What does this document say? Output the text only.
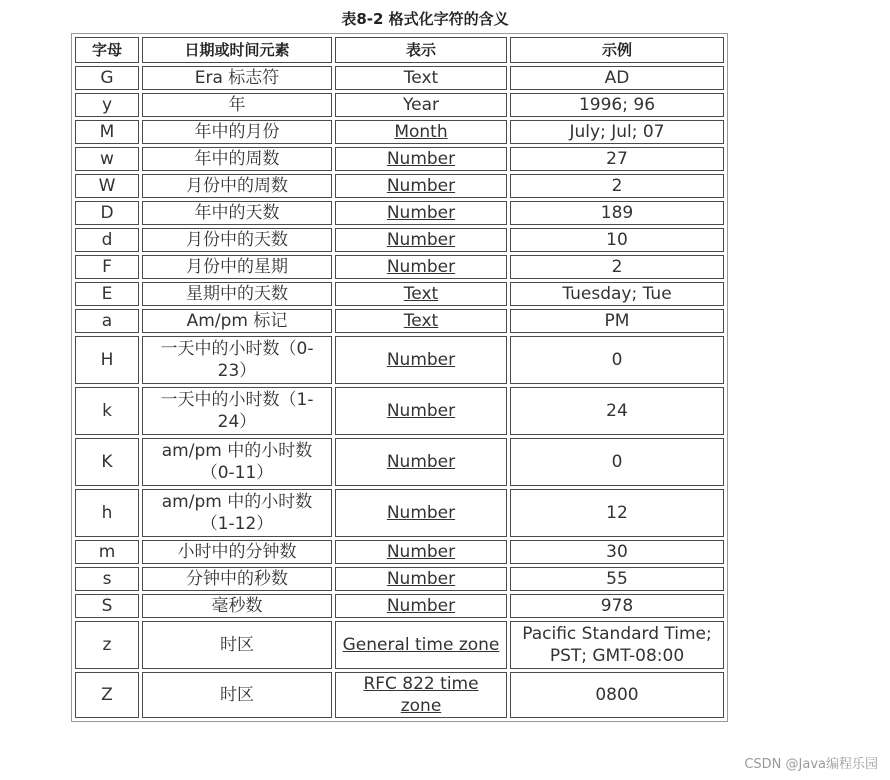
表8-2 格式化字符的含义
字母	日期或时间元素	表示	示例
G	Era 标志符	Text	AD
y	年	Year	1996; 96
M	年中的月份	Month	July; Jul; 07
w	年中的周数	Number	27
W	月份中的周数	Number	2
D	年中的天数	Number	189
d	月份中的天数	Number	10
F	月份中的星期	Number	2
E	星期中的天数	Text	Tuesday; Tue
a	Am/pm 标记	Text	PM
H	一天中的小时数（0-23）	Number	0
k	一天中的小时数（1-24）	Number	24
K	am/pm 中的小时数（0-11）	Number	0
h	am/pm 中的小时数（1-12）	Number	12
m	小时中的分钟数	Number	30
s	分钟中的秒数	Number	55
S	毫秒数	Number	978
z	时区	General time zone	Pacific Standard Time; PST; GMT-08:00
Z	时区	RFC 822 time zone	0800
CSDN @Java编程乐园
